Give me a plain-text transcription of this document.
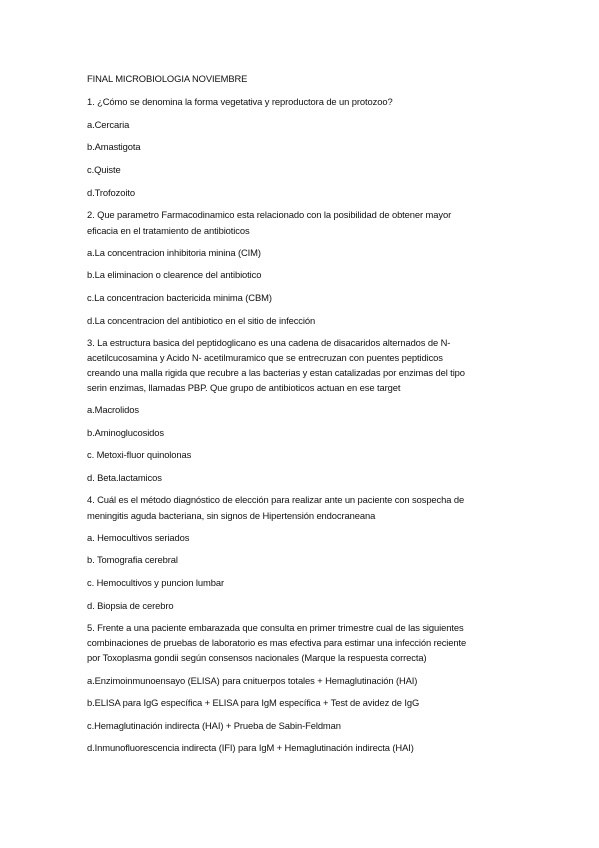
FINAL MICROBIOLOGIA NOVIEMBRE
1. ¿Cómo se denomina la forma vegetativa y reproductora de un protozoo?
a.Cercaria
b.Amastigota
c.Quiste
d.Trofozoito
2. Que parametro Farmacodinamico esta relacionado con la posibilidad de obtener mayor
eficacia en el tratamiento de antibioticos
a.La concentracion inhibitoria minina (CIM)
b.La eliminacion o clearence del antibiotico
c.La concentracion bactericida minima (CBM)
d.La concentracion del antibiotico en el sitio de infección
3. La estructura basica del peptidoglicano es una cadena de disacaridos alternados de N-
acetilcucosamina y Acido N- acetilmuramico que se entrecruzan con puentes peptidicos
creando una malla rigida que recubre a las bacterias y estan catalizadas por enzimas del tipo
serin enzimas, llamadas PBP. Que grupo de antibioticos actuan en ese target
a.Macrolidos
b.Aminoglucosidos
c. Metoxi-fluor quinolonas
d. Beta.lactamicos
4. Cuál es el método diagnóstico de elección para realizar ante un paciente con sospecha de
meningitis aguda bacteriana, sin signos de Hipertensión endocraneana
a. Hemocultivos seriados
b. Tomografia cerebral
c. Hemocultivos y puncion lumbar
d. Biopsia de cerebro
5. Frente a una paciente embarazada que consulta en primer trimestre cual de las siguientes
combinaciones de pruebas de laboratorio es mas efectiva para estimar una infección reciente
por Toxoplasma gondii según consensos nacionales (Marque la respuesta correcta)
a.Enzimoinmunoensayo (ELISA) para cnituerpos totales + Hemaglutinación (HAI)
b.ELISA para IgG específica + ELISA para IgM específica + Test de avidez de IgG
c.Hemaglutinación indirecta (HAI) + Prueba de Sabin-Feldman
d.Inmunofluorescencia indirecta (IFI) para IgM + Hemaglutinación indirecta (HAI)
